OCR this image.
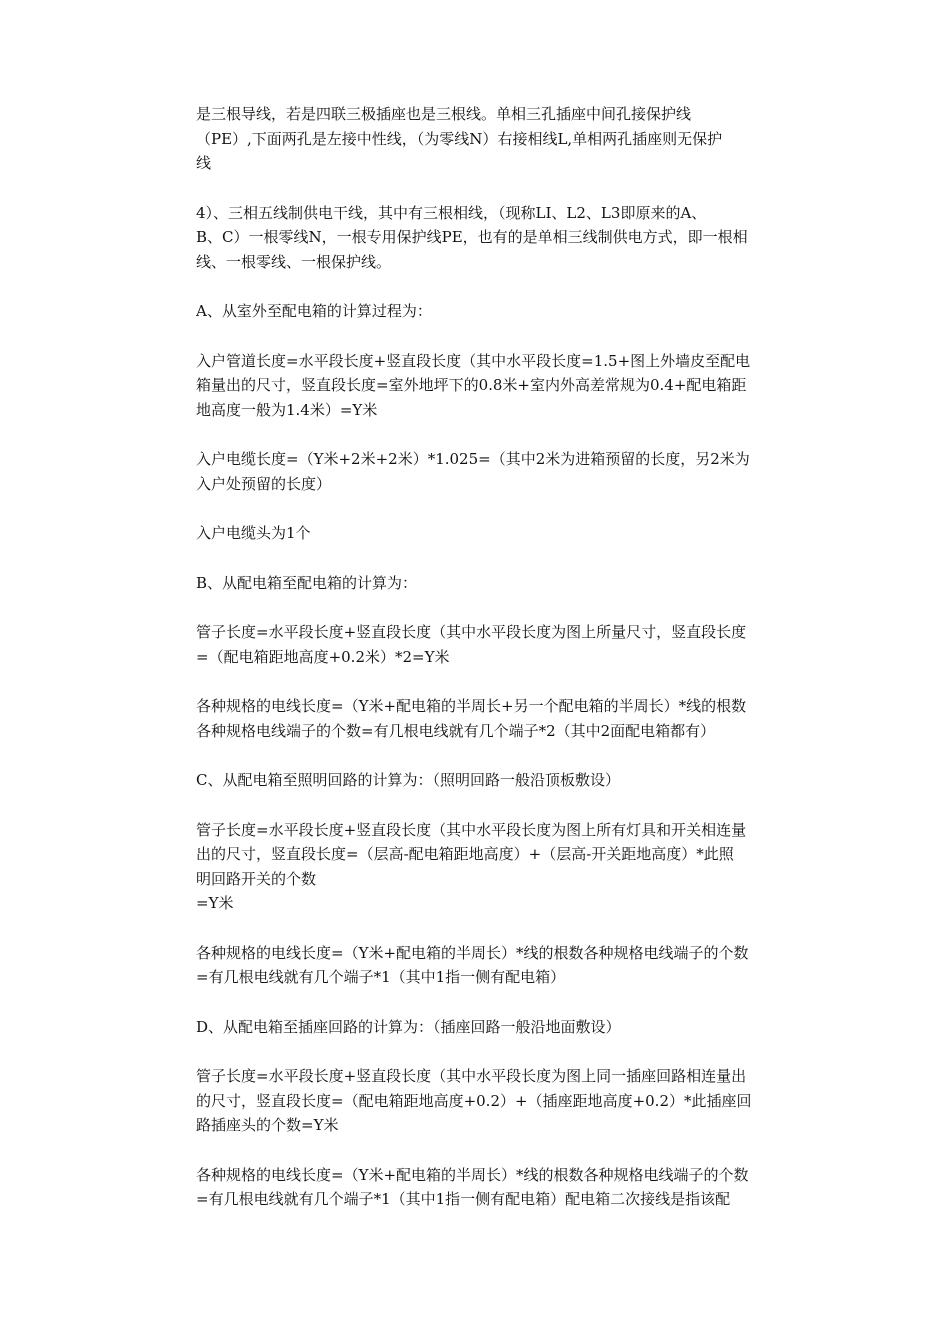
是三根导线，若是四联三极插座也是三根线。单相三孔插座中间孔接保护线
（PE）,下面两孔是左接中性线，（为零线N）右接相线L,单相两孔插座则无保护
线
4）、三相五线制供电干线，其中有三根相线，（现称LI、L2、L3即原来的A、
B、C）一根零线N，一根专用保护线PE，也有的是单相三线制供电方式，即一根相
线、一根零线、一根保护线。
A、从室外至配电箱的计算过程为：
入户管道长度=水平段长度+竖直段长度（其中水平段长度=1.5+图上外墙皮至配电
箱量出的尺寸，竖直段长度=室外地坪下的0.8米+室内外高差常规为0.4+配电箱距
地高度一般为1.4米）=Y米
入户电缆长度=（Y米+2米+2米）*1.025=（其中2米为进箱预留的长度，另2米为
入户处预留的长度）
入户电缆头为1个
B、从配电箱至配电箱的计算为：
管子长度=水平段长度+竖直段长度（其中水平段长度为图上所量尺寸，竖直段长度
=（配电箱距地高度+0.2米）*2=Y米
各种规格的电线长度=（Y米+配电箱的半周长+另一个配电箱的半周长）*线的根数
各种规格电线端子的个数=有几根电线就有几个端子*2（其中2面配电箱都有）
C、从配电箱至照明回路的计算为：（照明回路一般沿顶板敷设）
管子长度=水平段长度+竖直段长度（其中水平段长度为图上所有灯具和开关相连量
出的尺寸，竖直段长度=（层高-配电箱距地高度）+（层高-开关距地高度）*此照
明回路开关的个数
=Y米
各种规格的电线长度=（Y米+配电箱的半周长）*线的根数各种规格电线端子的个数
=有几根电线就有几个端子*1（其中1指一侧有配电箱）
D、从配电箱至插座回路的计算为：（插座回路一般沿地面敷设）
管子长度=水平段长度+竖直段长度（其中水平段长度为图上同一插座回路相连量出
的尺寸，竖直段长度=（配电箱距地高度+0.2）+（插座距地高度+0.2）*此插座回
路插座头的个数=Y米
各种规格的电线长度=（Y米+配电箱的半周长）*线的根数各种规格电线端子的个数
=有几根电线就有几个端子*1（其中1指一侧有配电箱）配电箱二次接线是指该配
